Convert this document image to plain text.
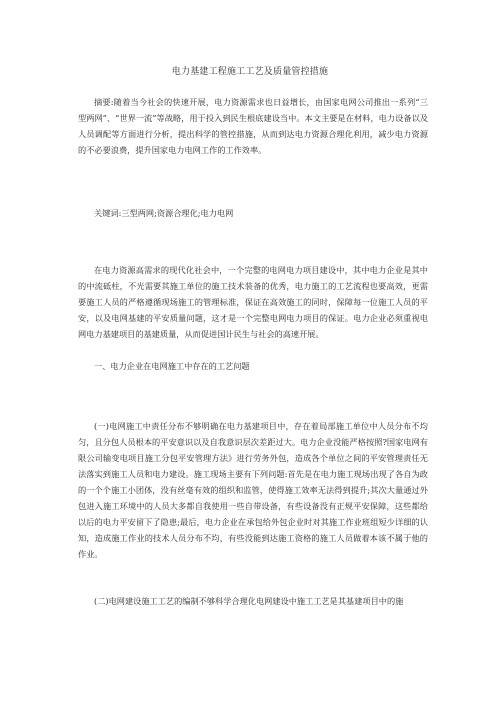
电力基建工程施工工艺及质量管控措施

摘要:随着当今社会的快速开展，电力资源需求也日益增长，由国家电网公司推出一系列“三型两网”、“世界一流”等战略，用于投入到民生根底建设当中。本文主要是在材料，电力设备以及人员调配等方面进行分析，提出科学的管控措施，从而到达电力资源合理化利用，减少电力资源的不必要浪费，提升国家电力电网工作的工作效率。

关键词:三型两网;资源合理化;电力电网

在电力资源高需求的现代化社会中，一个完整的电网电力项目建设中，其中电力企业是其中的中流砥柱，不光需要其施工单位的施工技术装备的优秀，电力施工的工艺流程也要高效，更需要施工人员的严格遵循现场施工的管理标准，保证在高效施工的同时，保障每一位施工人员的平安，以及电网基建的平安质量问题，这才是一个完整电网电力项目的保证。电力企业必须重视电网电力基建项目的基建质量，从而促进国计民生与社会的高速开展。

一、电力企业在电网施工中存在的工艺问题

(一)电网施工中责任分布不够明确在电力基建项目中，存在着局部施工单位中人员分布不均匀，且分包人员根本的平安意识以及自我意识层次差距过大。电力企业没能严格按照?国家电网有限公司输变电项目施工分包平安管理方法》进行劳务外包，造成各个单位之间的平安管理责任无法落实到施工人员和电力建设。施工现场主要有下列问题:首先是在电力施工现场出现了各自为政的一个个施工小团体，没有丝毫有效的组织和监管，使得施工效率无法得到提升;其次大量通过外包进入施工环境中的人员大多都自我使用一些自带设备，有些设备没有正规平安保障，这些都给以后的电力平安留下了隐患;最后，电力企业在承包给外包企业时对其施工作业班组短少详细的认知，造成施工作业的技术人员分布不均，有些没能到达施工资格的施工人员做着本该不属于他的作业。

(二)电网建设施工工艺的编制不够科学合理化电网建设中施工工艺是其基建项目中的施
